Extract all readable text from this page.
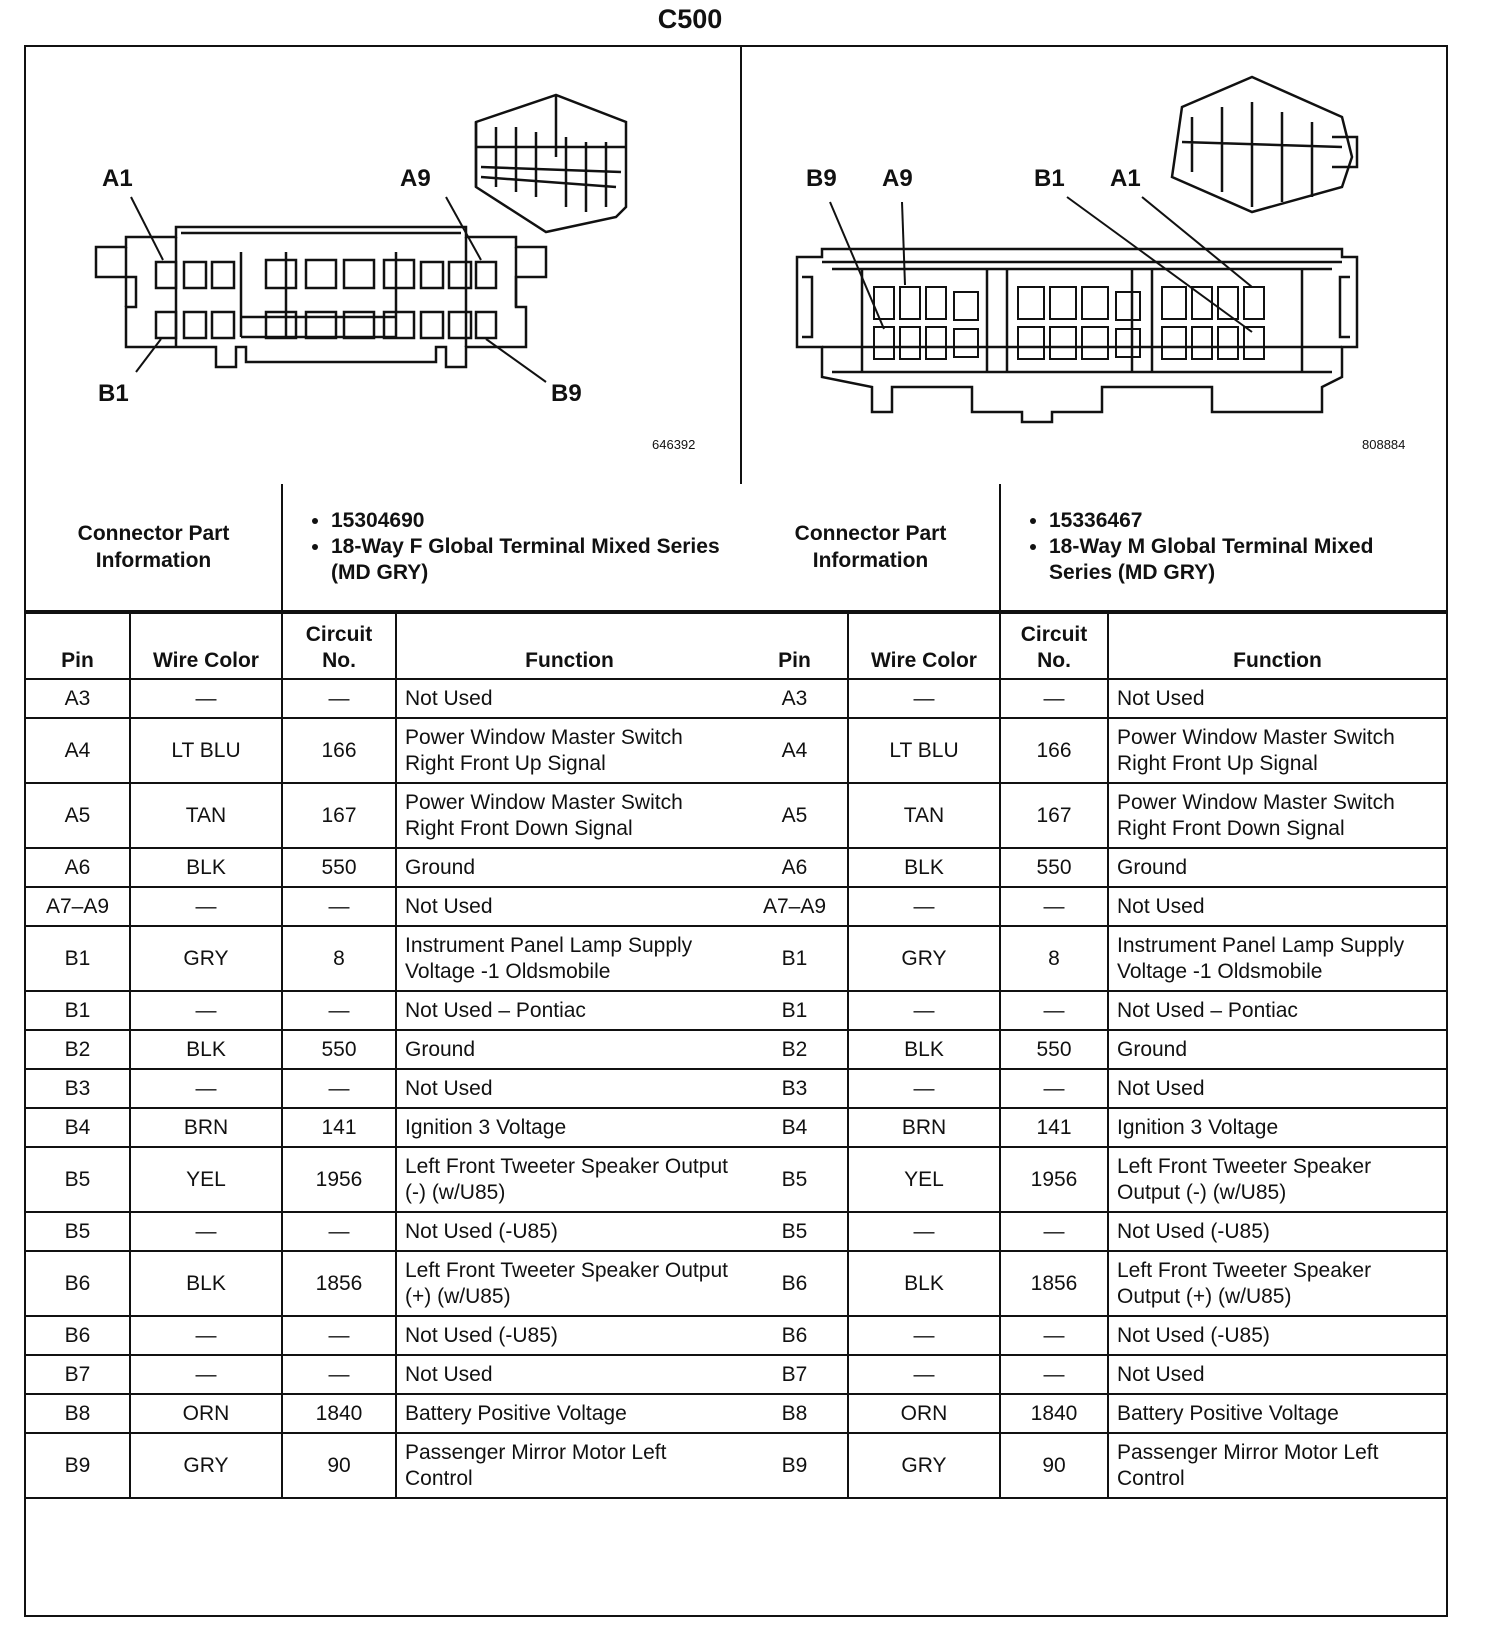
C500
A1	A9
B1	B9
646392
B9 A9	B1 A1
808884
Connector Part Information	
• 15304690
• 18-Way F Global Terminal Mixed Series (MD GRY)
Pin	Wire Color	Circuit No.	Function
A3	—	—	Not Used
A4	LT BLU	166	Power Window Master Switch Right Front Up Signal
A5	TAN	167	Power Window Master Switch Right Front Down Signal
A6	BLK	550	Ground
A7–A9	—	—	Not Used
B1	GRY	8	Instrument Panel Lamp Supply Voltage -1 Oldsmobile
B1	—	—	Not Used – Pontiac
B2	BLK	550	Ground
B3	—	—	Not Used
B4	BRN	141	Ignition 3 Voltage
B5	YEL	1956	Left Front Tweeter Speaker Output (-) (w/U85)
B5	—	—	Not Used (-U85)
B6	BLK	1856	Left Front Tweeter Speaker Output (+) (w/U85)
B6	—	—	Not Used (-U85)
B7	—	—	Not Used
B8	ORN	1840	Battery Positive Voltage
B9	GRY	90	Passenger Mirror Motor Left Control
Connector Part Information	
• 15336467
• 18-Way M Global Terminal Mixed Series (MD GRY)
Pin	Wire Color	Circuit No.	Function
A3	—	—	Not Used
A4	LT BLU	166	Power Window Master Switch Right Front Up Signal
A5	TAN	167	Power Window Master Switch Right Front Down Signal
A6	BLK	550	Ground
A7–A9	—	—	Not Used
B1	GRY	8	Instrument Panel Lamp Supply Voltage -1 Oldsmobile
B1	—	—	Not Used – Pontiac
B2	BLK	550	Ground
B3	—	—	Not Used
B4	BRN	141	Ignition 3 Voltage
B5	YEL	1956	Left Front Tweeter Speaker Output (-) (w/U85)
B5	—	—	Not Used (-U85)
B6	BLK	1856	Left Front Tweeter Speaker Output (+) (w/U85)
B6	—	—	Not Used (-U85)
B7	—	—	Not Used
B8	ORN	1840	Battery Positive Voltage
B9	GRY	90	Passenger Mirror Motor Left Control
